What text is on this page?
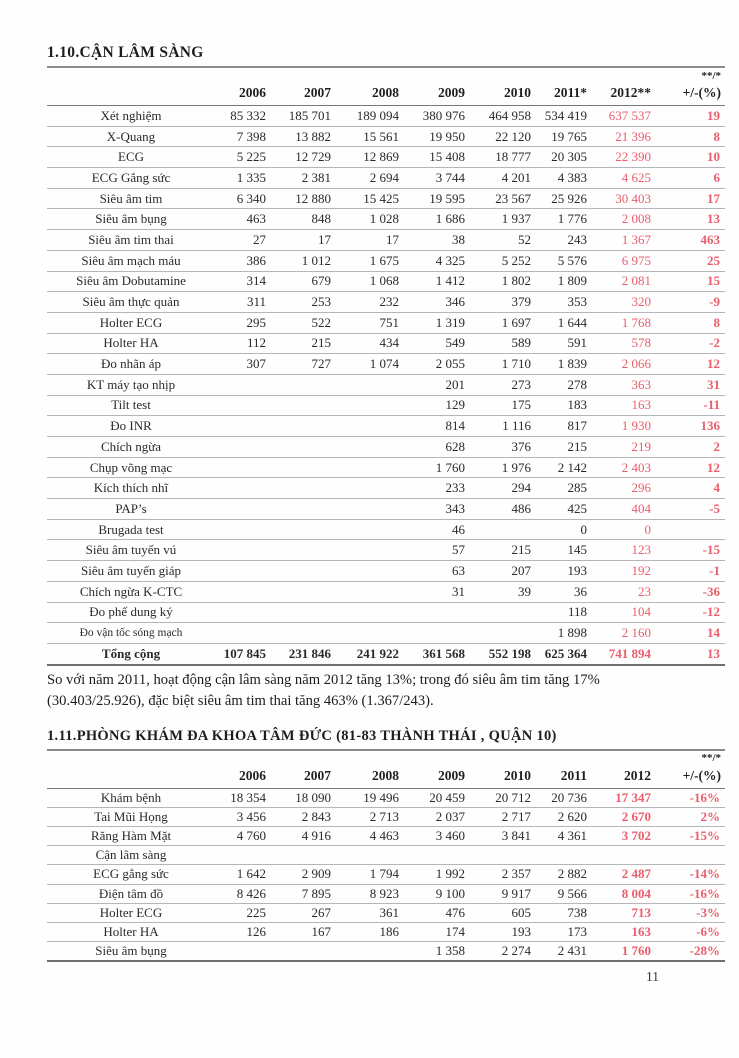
1.10.CẬN LÂM SÀNG
								**/*
	2006	2007	2008	2009	2010	2011*	2012**	+/-(%)
Xét nghiệm	85 332	185 701	189 094	380 976	464 958	534 419	637 537	19
X-Quang	7 398	13 882	15 561	19 950	22 120	19 765	21 396	8
ECG	5 225	12 729	12 869	15 408	18 777	20 305	22 390	10
ECG Gắng sức	1 335	2 381	2 694	3 744	4 201	4 383	4 625	6
Siêu âm tim	6 340	12 880	15 425	19 595	23 567	25 926	30 403	17
Siêu âm bụng	463	848	1 028	1 686	1 937	1 776	2 008	13
Siêu âm tim thai	27	17	17	38	52	243	1 367	463
Siêu âm mạch máu	386	1 012	1 675	4 325	5 252	5 576	6 975	25
Siêu âm Dobutamine	314	679	1 068	1 412	1 802	1 809	2 081	15
Siêu âm thực quản	311	253	232	346	379	353	320	-9
Holter ECG	295	522	751	1 319	1 697	1 644	1 768	8
Holter HA	112	215	434	549	589	591	578	-2
Đo nhãn áp	307	727	1 074	2 055	1 710	1 839	2 066	12
KT máy tạo nhịp				201	273	278	363	31
Tilt test				129	175	183	163	-11
Đo INR				814	1 116	817	1 930	136
Chích ngừa				628	376	215	219	2
Chụp võng mạc				1 760	1 976	2 142	2 403	12
Kích thích nhĩ				233	294	285	296	4
PAP’s				343	486	425	404	-5
Brugada test				46		0	0	
Siêu âm tuyến vú				57	215	145	123	-15
Siêu âm tuyến giáp				63	207	193	192	-1
Chích ngừa K-CTC				31	39	36	23	-36
Đo phế dung ký						118	104	-12
Đo vận tốc sóng mạch						1 898	2 160	14
Tổng cộng	107 845	231 846	241 922	361 568	552 198	625 364	741 894	13

So với năm 2011, hoạt động cận lâm sàng năm 2012 tăng 13%; trong đó siêu âm tim tăng 17%
(30.403/25.926), đặc biệt siêu âm tim thai tăng 463% (1.367/243).

1.11.PHÒNG KHÁM ĐA KHOA TÂM ĐỨC (81-83 THÀNH THÁI , QUẬN 10)
								**/*
	2006	2007	2008	2009	2010	2011	2012	+/-(%)
Khám bệnh	18 354	18 090	19 496	20 459	20 712	20 736	17 347	-16%
Tai Mũi Họng	3 456	2 843	2 713	2 037	2 717	2 620	2 670	2%
Răng Hàm Mặt	4 760	4 916	4 463	3 460	3 841	4 361	3 702	-15%
Cận lâm sàng								
ECG gắng sức	1 642	2 909	1 794	1 992	2 357	2 882	2 487	-14%
Điện tâm đồ	8 426	7 895	8 923	9 100	9 917	9 566	8 004	-16%
Holter ECG	225	267	361	476	605	738	713	-3%
Holter HA	126	167	186	174	193	173	163	-6%
Siêu âm bụng				1 358	2 274	2 431	1 760	-28%
11
